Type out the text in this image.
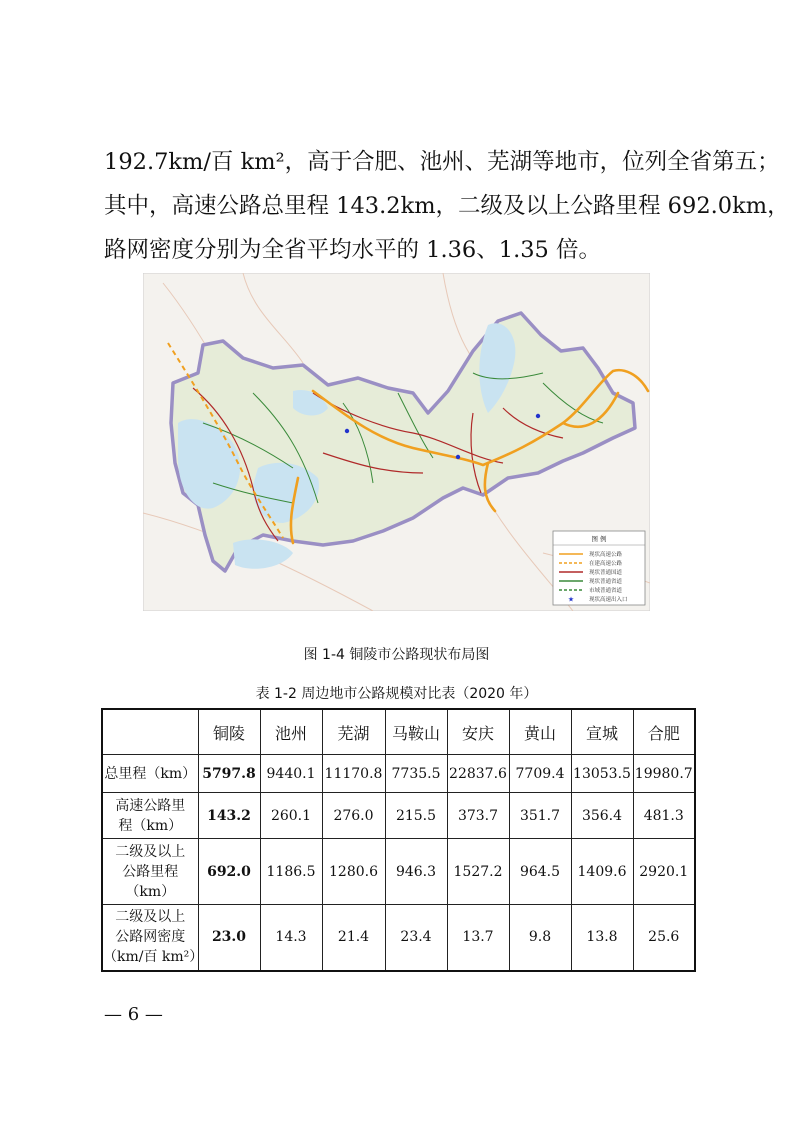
192.7km/百 km²，高于合肥、池州、芜湖等地市，位列全省第五；
其中，高速公路总里程 143.2km，二级及以上公路里程 692.0km，
路网密度分别为全省平均水平的 1.36、1.35 倍。
图 例
现状高速公路
在建高速公路
现状普通国道
现状普通省道
市域普通省道
★	现状高速出入口
图 1-4 铜陵市公路现状布局图
表 1-2 周边地市公路规模对比表（2020 年）
	铜陵	池州	芜湖	马鞍山	安庆	黄山	宣城	合肥
总里程（km）	5797.8	9440.1	11170.8	7735.5	22837.6	7709.4	13053.5	19980.7
高速公路里
程（km）	143.2	260.1	276.0	215.5	373.7	351.7	356.4	481.3
二级及以上
公路里程
（km）	692.0	1186.5	1280.6	946.3	1527.2	964.5	1409.6	2920.1
二级及以上
公路网密度
（km/百 km²）	23.0	14.3	21.4	23.4	13.7	9.8	13.8	25.6
— 6 —
